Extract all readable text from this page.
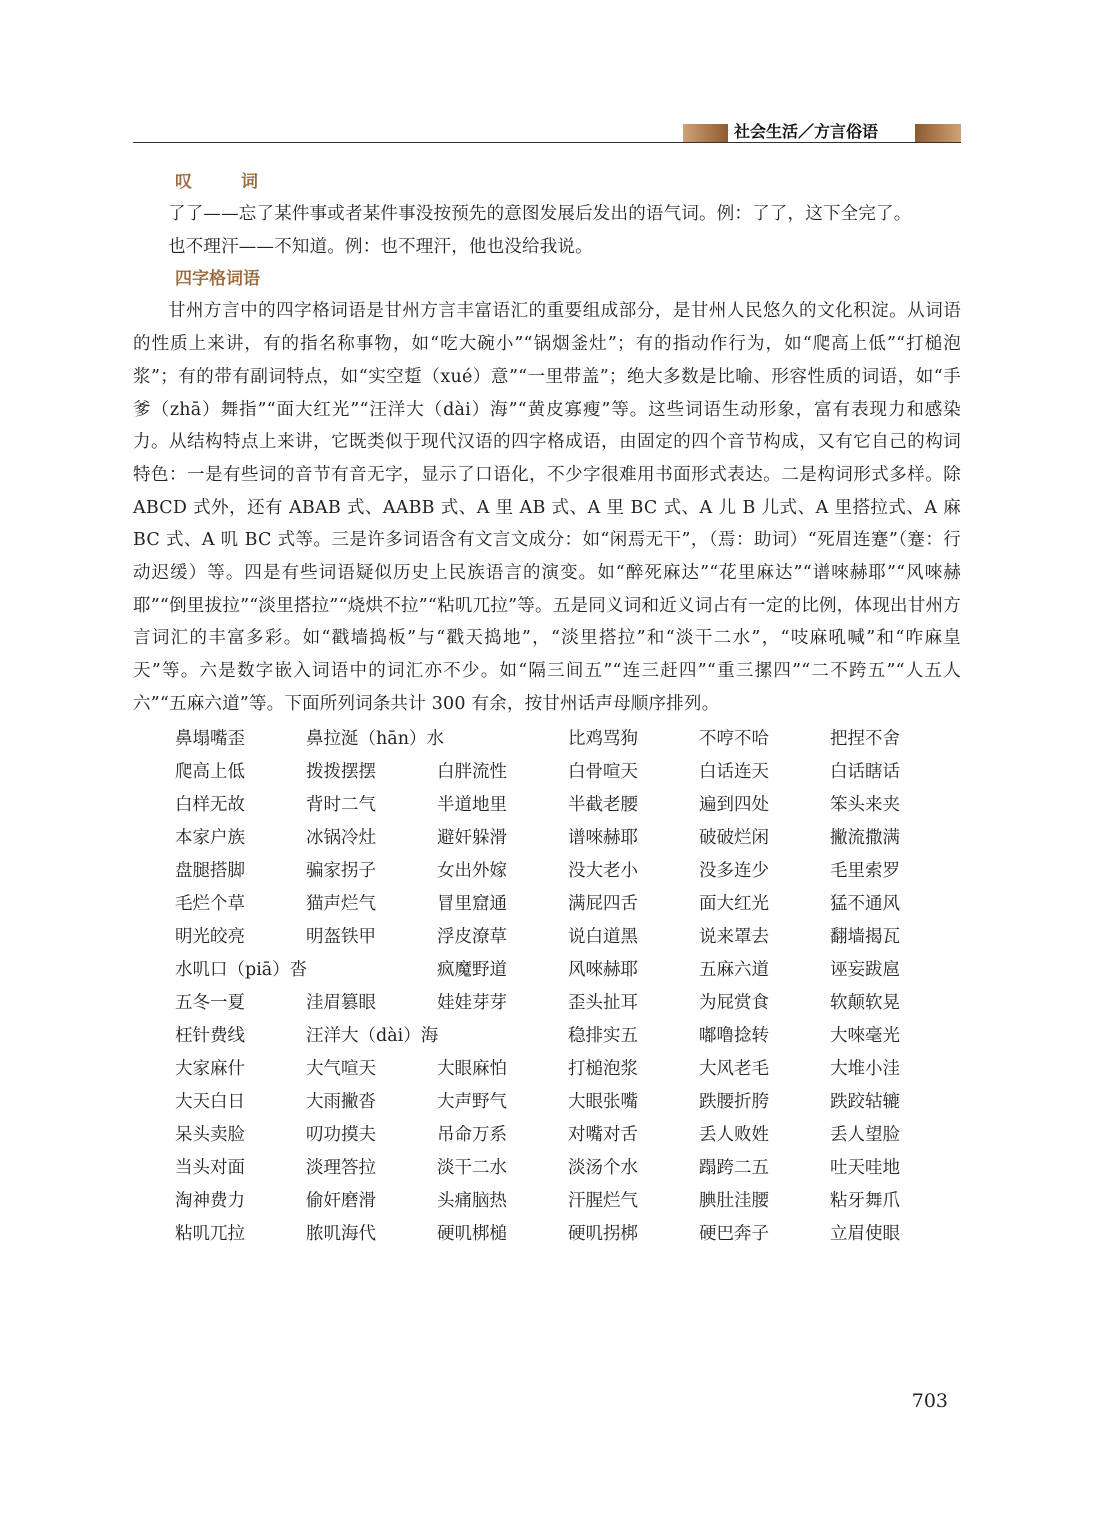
社会生活／方言俗语
叹　词

了了——忘了某件事或者某件事没按预先的意图发展后发出的语气词。例：了了，这下全完了。

也不理汗——不知道。例：也不理汗，他也没给我说。

四字格词语

甘州方言中的四字格词语是甘州方言丰富语汇的重要组成部分，是甘州人民悠久的文化积淀。从词语的性质上来讲，有的指名称事物，如“吃大碗小”“锅烟釜灶”；有的指动作行为，如“爬高上低”“打槌泡浆”；有的带有副词特点，如“实空踅（xué）意”“一里带盖”；绝大多数是比喻、形容性质的词语，如“手爹（zhā）舞指”“面大红光”“汪洋大（dài）海”“黄皮寡瘦”等。这些词语生动形象，富有表现力和感染力。从结构特点上来讲，它既类似于现代汉语的四字格成语，由固定的四个音节构成，又有它自己的构词特色：一是有些词的音节有音无字，显示了口语化，不少字很难用书面形式表达。二是构词形式多样。除 ABCD 式外，还有 ABAB 式、AABB 式、A 里 AB 式、A 里 BC 式、A 儿 B 儿式、A 里搭拉式、A 麻 BC 式、A 叽 BC 式等。三是许多词语含有文言文成分：如“闲焉无干”，（焉：助词）“死眉连蹇”（蹇：行动迟缓）等。四是有些词语疑似历史上民族语言的演变。如“醉死麻达”“花里麻达”“谱唻赫耶”“风唻赫耶”“倒里拔拉”“淡里搭拉”“烧烘不拉”“粘叽兀拉”等。五是同义词和近义词占有一定的比例，体现出甘州方言词汇的丰富多彩。如“戳墙捣板”与“戳天捣地”，“淡里搭拉”和“淡干二水”，“吱麻吼喊”和“咋麻皇天”等。六是数字嵌入词语中的词汇亦不少。如“隔三间五”“连三赶四”“重三摞四”“二不跨五”“人五人六”“五麻六道”等。下面所列词条共计 300 有余，按甘州话声母顺序排列。

鼻塌嘴歪	鼻拉涎（hān）水	比鸡骂狗	不哼不哈	把捏不舍
爬高上低	拨拨摆摆	白胖流性	白骨喧天	白话连天	白话瞎话
白样无故	背时二气	半道地里	半截老腰	遍到四处	笨头来夹
本家户族	冰锅冷灶	避奸躲滑	谱唻赫耶	破破烂闲	撇流撒满
盘腿搭脚	骗家拐子	女出外嫁	没大老小	没多连少	毛里索罗
毛烂个草	猫声烂气	冒里窟通	满屁四舌	面大红光	猛不通风
明光皎亮	明盔铁甲	浮皮潦草	说白道黑	说来罩去	翻墙揭瓦
水叽口（piā）沓	疯魔野道	风唻赫耶	五麻六道	诬妄跋扈
五冬一夏	洼眉篡眼	娃娃芽芽	歪头扯耳	为屁赏食	软颠软晃
枉针费线	汪洋大（dài）海	稳排实五	嘟噜捻转	大唻毫光
大家麻什	大气喧天	大眼麻怕	打槌泡浆	大风老毛	大堆小洼
大天白日	大雨撇沓	大声野气	大眼张嘴	跌腰折胯	跌跤轱辘
呆头卖脸	叨功摸夫	吊命万系	对嘴对舌	丢人败姓	丢人望脸
当头对面	淡理答拉	淡干二水	淡汤个水	蹋跨二五	吐天哇地
淘神费力	偷奸磨滑	头痛脑热	汗腥烂气	腆肚洼腰	粘牙舞爪
粘叽兀拉	脓叽海代	硬叽梆槌	硬叽拐梆	硬巴奔子	立眉使眼
703
